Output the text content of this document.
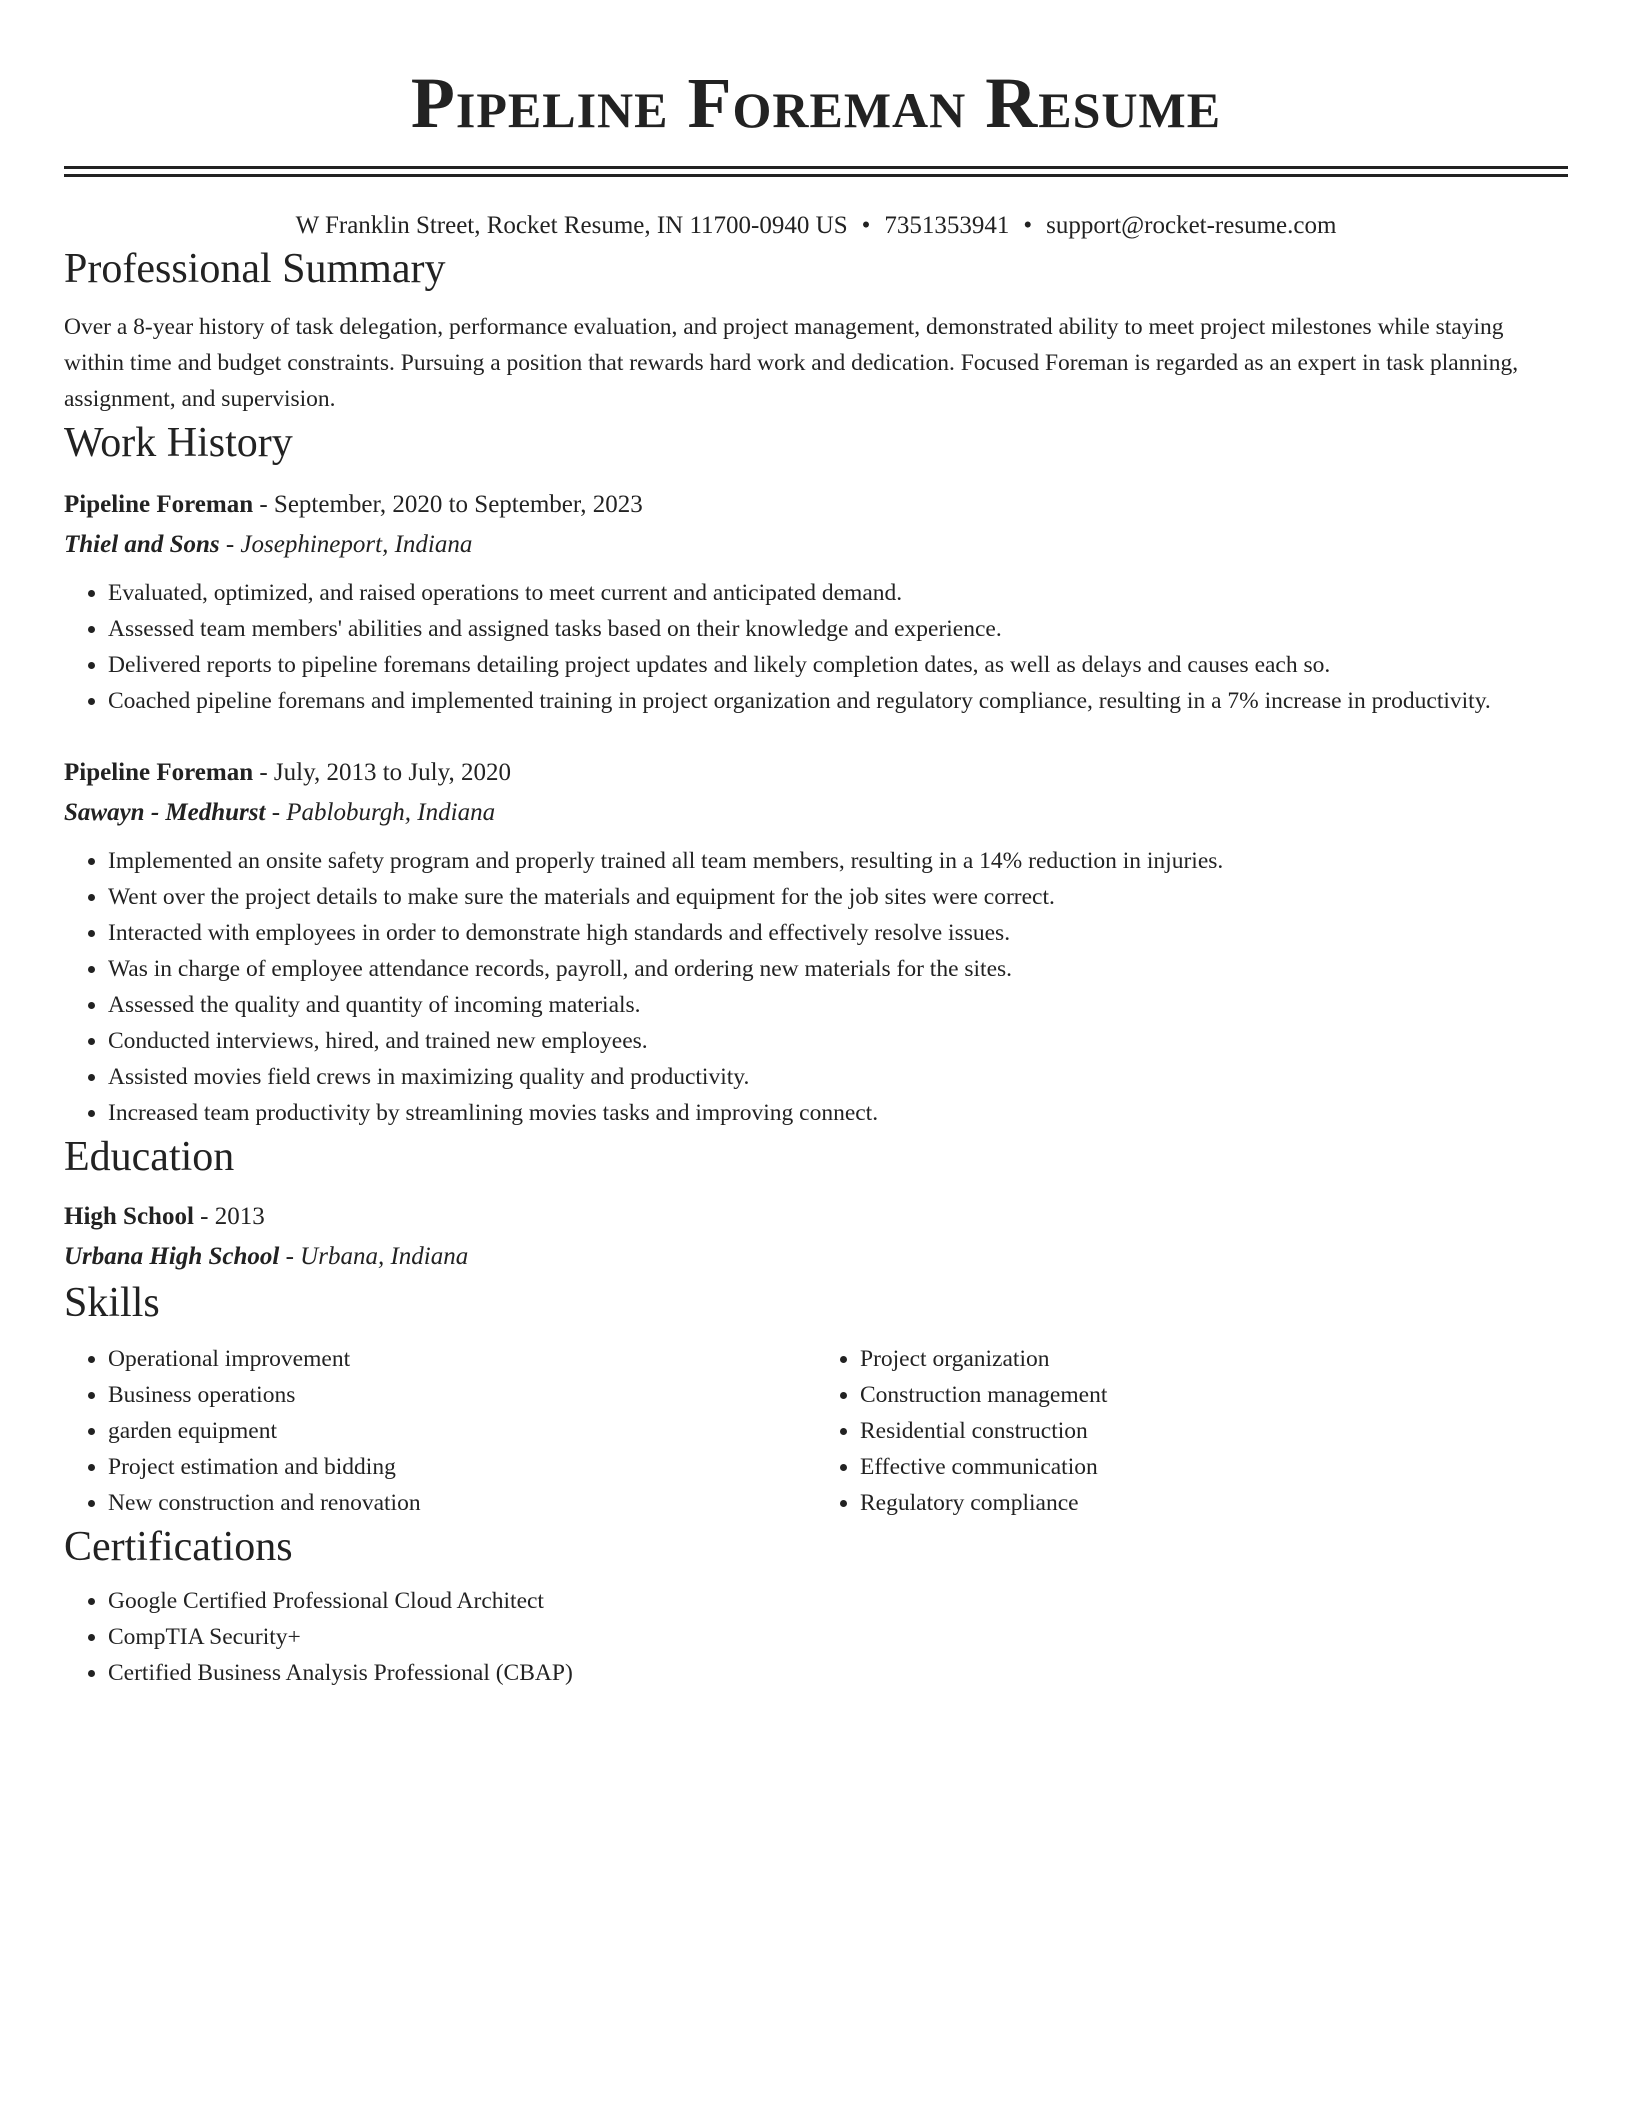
Pipeline Foreman Resume
W Franklin Street, Rocket Resume, IN 11700-0940 US • 7351353941 • support@rocket-resume.com
Professional Summary

Over a 8-year history of task delegation, performance evaluation, and project management, demonstrated ability to meet project milestones while staying within time and budget constraints. Pursuing a position that rewards hard work and dedication. Focused Foreman is regarded as an expert in task planning, assignment, and supervision.

Work History
Pipeline Foreman - September, 2020 to September, 2023
Thiel and Sons - Josephineport, Indiana
• Evaluated, optimized, and raised operations to meet current and anticipated demand.
• Assessed team members' abilities and assigned tasks based on their knowledge and experience.
• Delivered reports to pipeline foremans detailing project updates and likely completion dates, as well as delays and causes each so.
• Coached pipeline foremans and implemented training in project organization and regulatory compliance, resulting in a 7% increase in productivity.
Pipeline Foreman - July, 2013 to July, 2020
Sawayn - Medhurst - Pabloburgh, Indiana
• Implemented an onsite safety program and properly trained all team members, resulting in a 14% reduction in injuries.
• Went over the project details to make sure the materials and equipment for the job sites were correct.
• Interacted with employees in order to demonstrate high standards and effectively resolve issues.
• Was in charge of employee attendance records, payroll, and ordering new materials for the sites.
• Assessed the quality and quantity of incoming materials.
• Conducted interviews, hired, and trained new employees.
• Assisted movies field crews in maximizing quality and productivity.
• Increased team productivity by streamlining movies tasks and improving connect.
Education
High School - 2013
Urbana High School - Urbana, Indiana
Skills
• Operational improvement
• Business operations
• garden equipment
• Project estimation and bidding
• New construction and renovation
• Project organization
• Construction management
• Residential construction
• Effective communication
• Regulatory compliance
Certifications
• Google Certified Professional Cloud Architect
• CompTIA Security+
• Certified Business Analysis Professional (CBAP)
